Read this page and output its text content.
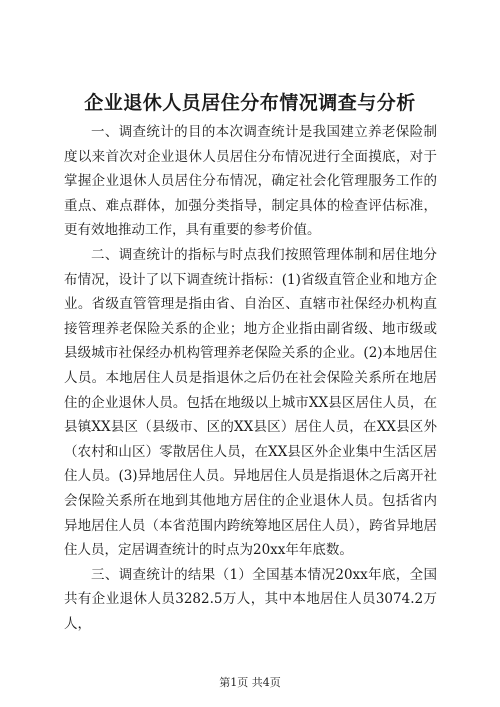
企业退休人员居住分布情况调查与分析

一、调查统计的目的本次调查统计是我国建立养老保险制度以来首次对企业退休人员居住分布情况进行全面摸底，对于掌握企业退休人员居住分布情况，确定社会化管理服务工作的重点、难点群体，加强分类指导，制定具体的检查评估标准，更有效地推动工作，具有重要的参考价值。

二、调查统计的指标与时点我们按照管理体制和居住地分布情况，设计了以下调查统计指标：(1)省级直管企业和地方企业。省级直管管理是指由省、自治区、直辖市社保经办机构直接管理养老保险关系的企业；地方企业指由副省级、地市级或县级城市社保经办机构管理养老保险关系的企业。(2)本地居住人员。本地居住人员是指退休之后仍在社会保险关系所在地居住的企业退休人员。包括在地级以上城市XX县区居住人员，在县镇XX县区（县级市、区的XX县区）居住人员，在XX县区外（农村和山区）零散居住人员，在XX县区外企业集中生活区居住人员。(3)异地居住人员。异地居住人员是指退休之后离开社会保险关系所在地到其他地方居住的企业退休人员。包括省内异地居住人员（本省范围内跨统筹地区居住人员），跨省异地居住人员，定居调查统计的时点为20xx年年底数。

三、调查统计的结果（1）全国基本情况20xx年底，全国共有企业退休人员3282.5万人，其中本地居住人员3074.2万人，

第1页 共4页
